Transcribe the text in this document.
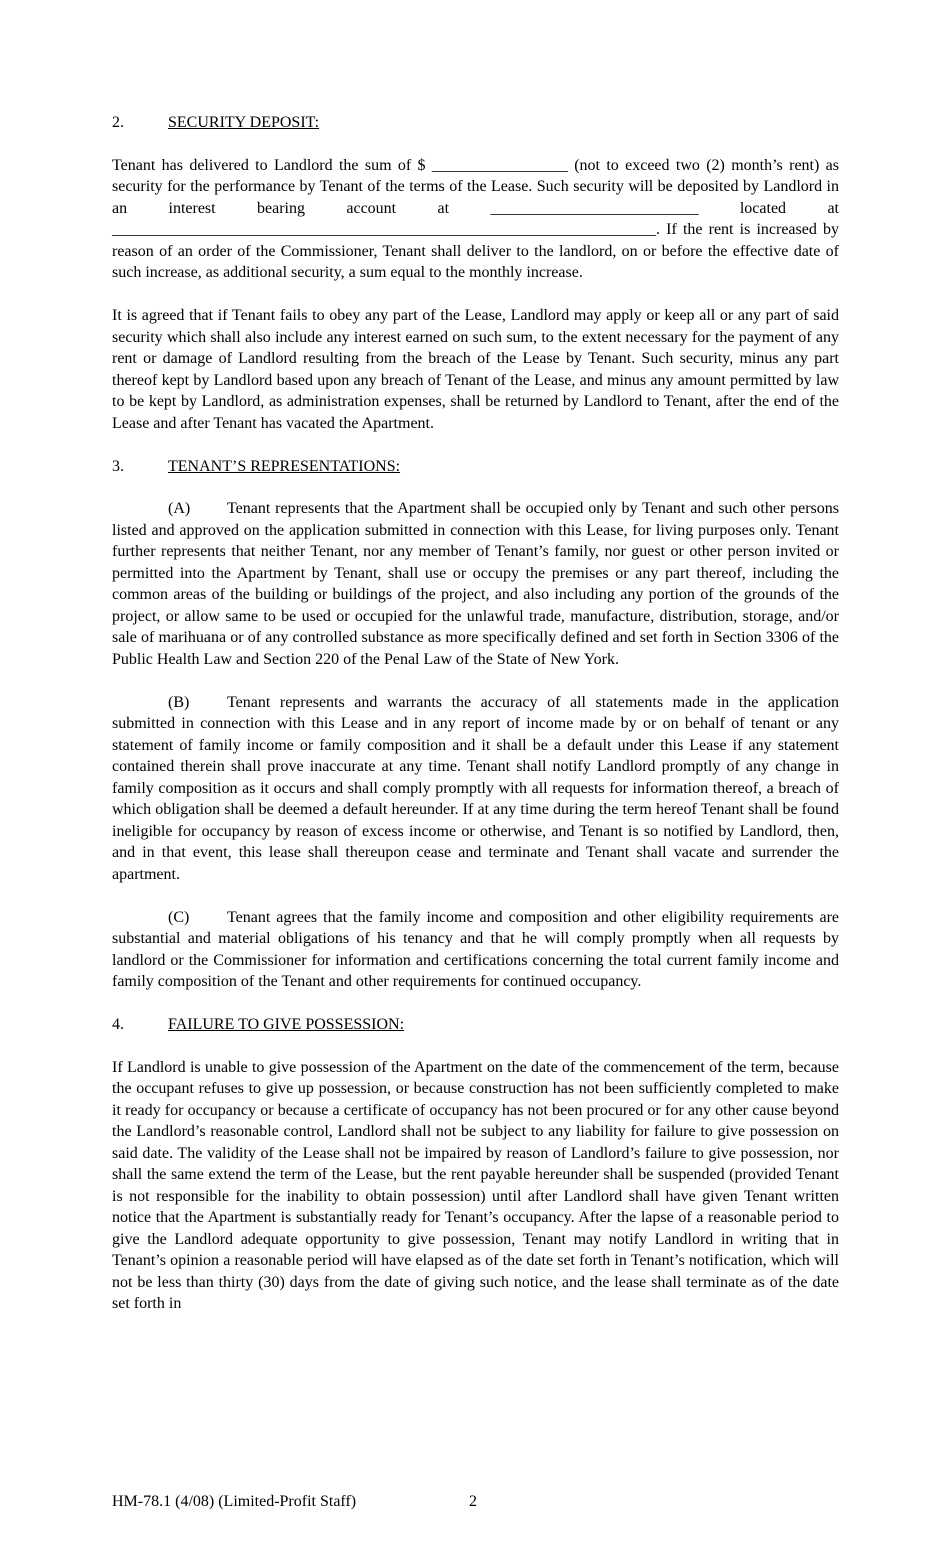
2.	SECURITY DEPOSIT:

Tenant has delivered to Landlord the sum of $ _________________ (not to exceed two (2) month’s rent) as security for the performance by Tenant of the terms of the Lease. Such security will be deposited by Landlord in an interest bearing account at __________________________ located at ____________________________________________________________________. If the rent is increased by reason of an order of the Commissioner, Tenant shall deliver to the landlord, on or before the effective date of such increase, as additional security, a sum equal to the monthly increase.

It is agreed that if Tenant fails to obey any part of the Lease, Landlord may apply or keep all or any part of said security which shall also include any interest earned on such sum, to the extent necessary for the payment of any rent or damage of Landlord resulting from the breach of the Lease by Tenant. Such security, minus any part thereof kept by Landlord based upon any breach of Tenant of the Lease, and minus any amount permitted by law to be kept by Landlord, as administration expenses, shall be returned by Landlord to Tenant, after the end of the Lease and after Tenant has vacated the Apartment.

3.	TENANT’S REPRESENTATIONS:

(A) Tenant represents that the Apartment shall be occupied only by Tenant and such other persons listed and approved on the application submitted in connection with this Lease, for living purposes only. Tenant further represents that neither Tenant, nor any member of Tenant’s family, nor guest or other person invited or permitted into the Apartment by Tenant, shall use or occupy the premises or any part thereof, including the common areas of the building or buildings of the project, and also including any portion of the grounds of the project, or allow same to be used or occupied for the unlawful trade, manufacture, distribution, storage, and/or sale of marihuana or of any controlled substance as more specifically defined and set forth in Section 3306 of the Public Health Law and Section 220 of the Penal Law of the State of New York.

(B) Tenant represents and warrants the accuracy of all statements made in the application submitted in connection with this Lease and in any report of income made by or on behalf of tenant or any statement of family income or family composition and it shall be a default under this Lease if any statement contained therein shall prove inaccurate at any time. Tenant shall notify Landlord promptly of any change in family composition as it occurs and shall comply promptly with all requests for information thereof, a breach of which obligation shall be deemed a default hereunder. If at any time during the term hereof Tenant shall be found ineligible for occupancy by reason of excess income or otherwise, and Tenant is so notified by Landlord, then, and in that event, this lease shall thereupon cease and terminate and Tenant shall vacate and surrender the apartment.

(C) Tenant agrees that the family income and composition and other eligibility requirements are substantial and material obligations of his tenancy and that he will comply promptly when all requests by landlord or the Commissioner for information and certifications concerning the total current family income and family composition of the Tenant and other requirements for continued occupancy.

4.	FAILURE TO GIVE POSSESSION:

If Landlord is unable to give possession of the Apartment on the date of the commencement of the term, because the occupant refuses to give up possession, or because construction has not been sufficiently completed to make it ready for occupancy or because a certificate of occupancy has not been procured or for any other cause beyond the Landlord’s reasonable control, Landlord shall not be subject to any liability for failure to give possession on said date. The validity of the Lease shall not be impaired by reason of Landlord’s failure to give possession, nor shall the same extend the term of the Lease, but the rent payable hereunder shall be suspended (provided Tenant is not responsible for the inability to obtain possession) until after Landlord shall have given Tenant written notice that the Apartment is substantially ready for Tenant’s occupancy. After the lapse of a reasonable period to give the Landlord adequate opportunity to give possession, Tenant may notify Landlord in writing that in Tenant’s opinion a reasonable period will have elapsed as of the date set forth in Tenant’s notification, which will not be less than thirty (30) days from the date of giving such notice, and the lease shall terminate as of the date set forth in

HM-78.1 (4/08) (Limited-Profit Staff)	2
